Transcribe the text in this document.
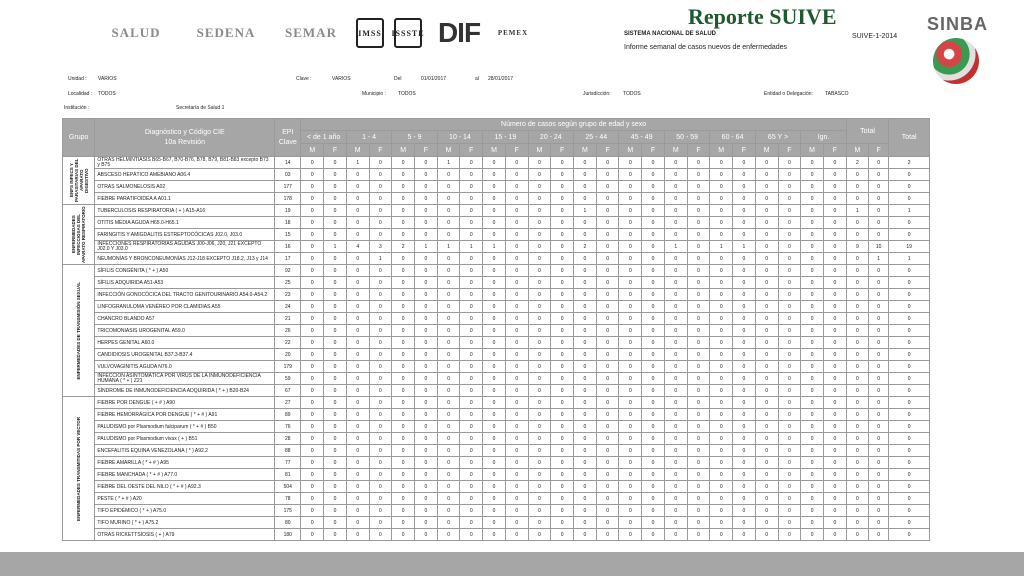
SALUD	SEDENA	SEMAR	IMSS ISSSTE DIF	PEMEX
Reporte SUIVE
SISTEMA NACIONAL DE SALUD
Informe semanal de casos nuevos de enfermedades
SUIVE-1-2014
SINBA
Unidad : VARIOS	Clave :	VARIOS	Del	01/01/2017	al 28/01/2017
Localidad : TODOS	Municipio : TODOS	Jurisdicción: TODOS	Entidad o Delegación: TABASCO
Institución :	Secretaría de Salud 1
Grupo	Diagnóstico y Código CIE
10a Revisión	EPI
Clave	Número de casos según grupo de edad y sexo																								Total		Total
			< de 1 año		1 - 4		5 - 9		10 - 14		15 - 19		20 - 24		25 - 44		45 - 49		50 - 59		60 - 64		65 Y >		Ign.				
			M	F	M	F	M	F	M	F	M	F	M	F	M	F	M	F	M	F	M	F	M	F	M	F	M	F	

ENFS INFECS Y PARASITARIAS DEL APARATO DIGESTIVO	OTRAS HELMINTIASIS B65-B67, B70-B76, B78, B79, B81-B83 excepto B73 y B75	14	0	0	1	0	0	0	1	0	0	0	0	0	0	0	0	0	0	0	0	0	0	0	0	0	2	0	2
	ABSCESO HEPÁTICO AMEBIANO A06.4	03	0	0	0	0	0	0	0	0	0	0	0	0	0	0	0	0	0	0	0	0	0	0	0	0	0	0	0
	OTRAS SALMONELOSIS A02	177	0	0	0	0	0	0	0	0	0	0	0	0	0	0	0	0	0	0	0	0	0	0	0	0	0	0	0
	FIEBRE PARATIFOIDEA A A01.1	178	0	0	0	0	0	0	0	0	0	0	0	0	0	0	0	0	0	0	0	0	0	0	0	0	0	0	0

ENFERMEDADES INFECCIOSAS DEL APARATO RESPIRATORIO	TUBERCULOSIS RESPIRATORIA ( + ) A15-A16	19	0	0	0	0	0	0	0	0	0	0	0	0	1	0	0	0	0	0	0	0	0	0	0	0	1	0	1
	OTITIS MEDIA AGUDA H65.0-H65.1	18	0	0	0	0	0	0	0	0	0	0	0	0	0	0	0	0	0	0	0	0	0	0	0	0	0	0	0
	FARINGITIS Y AMIGDALITIS ESTREPTOCÓCICAS J02.0, J03.0	15	0	0	0	0	0	0	0	0	0	0	0	0	0	0	0	0	0	0	0	0	0	0	0	0	0	0	0
	INFECCIONES RESPIRATORIAS AGUDAS J00-J06, J20, J21 EXCEPTO J02.0 Y J03.0	16	0	1	4	3	2	1	1	1	1	0	0	0	2	0	0	0	1	0	1	1	0	0	0	0	9	10	19
	NEUMONÍAS Y BRONCONEUMONÍAS J12-J18 EXCEPTO J18.2, J13 y J14	17	0	0	0	1	0	0	0	0	0	0	0	0	0	0	0	0	0	0	0	0	0	0	0	0	0	1	1

ENFERMEDADES DE TRANSMISIÓN SEXUAL	SÍFILIS CONGÉNITA ( * + ) A50	92	0	0	0	0	0	0	0	0	0	0	0	0	0	0	0	0	0	0	0	0	0	0	0	0	0	0	0
	SÍFILIS ADQUIRIDA A51-A53	25	0	0	0	0	0	0	0	0	0	0	0	0	0	0	0	0	0	0	0	0	0	0	0	0	0	0	0
	INFECCIÓN GONOCÓCICA DEL TRACTO GENITOURINARIO A54.0-A54.2	23	0	0	0	0	0	0	0	0	0	0	0	0	0	0	0	0	0	0	0	0	0	0	0	0	0	0	0
	LINFOGRANULOMA VENÉREO POR CLAMIDIAS A55	24	0	0	0	0	0	0	0	0	0	0	0	0	0	0	0	0	0	0	0	0	0	0	0	0	0	0	0
	CHANCRO BLANDO A57	21	0	0	0	0	0	0	0	0	0	0	0	0	0	0	0	0	0	0	0	0	0	0	0	0	0	0	0
	TRICOMONIASIS UROGENITAL A59.0	26	0	0	0	0	0	0	0	0	0	0	0	0	0	0	0	0	0	0	0	0	0	0	0	0	0	0	0
	HERPES GENITAL A60.0	22	0	0	0	0	0	0	0	0	0	0	0	0	0	0	0	0	0	0	0	0	0	0	0	0	0	0	0
	CANDIDIOSIS UROGENITAL B37.3-B37.4	20	0	0	0	0	0	0	0	0	0	0	0	0	0	0	0	0	0	0	0	0	0	0	0	0	0	0	0
	VULVOVAGINITIS AGUDA N76.0	179	0	0	0	0	0	0	0	0	0	0	0	0	0	0	0	0	0	0	0	0	0	0	0	0	0	0	0
	INFECCIÓN ASINTOMÁTICA POR VIRUS DE LA INMUNODEFICIENCIA HUMANA ( * + ) Z21	59	0	0	0	0	0	0	0	0	0	0	0	0	0	0	0	0	0	0	0	0	0	0	0	0	0	0	0
	SÍNDROME DE INMUNODEFICIENCIA ADQUIRIDA ( * + ) B20-B24	67	0	0	0	0	0	0	0	0	0	0	0	0	0	0	0	0	0	0	0	0	0	0	0	0	0	0	0

ENFERMEDADES TRANSMITIDAS POR VECTOR	FIEBRE POR DENGUE ( + # ) A90	27	0	0	0	0	0	0	0	0	0	0	0	0	0	0	0	0	0	0	0	0	0	0	0	0	0	0	0
	FIEBRE HEMORRÁGICA POR DENGUE ( * + # ) A91	89	0	0	0	0	0	0	0	0	0	0	0	0	0	0	0	0	0	0	0	0	0	0	0	0	0	0	0
	PALUDISMO por Plasmodium falciparum ( * + # ) B50	76	0	0	0	0	0	0	0	0	0	0	0	0	0	0	0	0	0	0	0	0	0	0	0	0	0	0	0
	PALUDISMO por Plasmodium vivax ( + ) B51	28	0	0	0	0	0	0	0	0	0	0	0	0	0	0	0	0	0	0	0	0	0	0	0	0	0	0	0
	ENCEFALITIS EQUINA VENEZOLANA ( * ) A92.2	88	0	0	0	0	0	0	0	0	0	0	0	0	0	0	0	0	0	0	0	0	0	0	0	0	0	0	0
	FIEBRE AMARILLA ( * + # ) A95	77	0	0	0	0	0	0	0	0	0	0	0	0	0	0	0	0	0	0	0	0	0	0	0	0	0	0	0
	FIEBRE MANCHADA ( * + # ) A77.0	81	0	0	0	0	0	0	0	0	0	0	0	0	0	0	0	0	0	0	0	0	0	0	0	0	0	0	0
	FIEBRE DEL OESTE DEL NILO ( * + # ) A92.3	504	0	0	0	0	0	0	0	0	0	0	0	0	0	0	0	0	0	0	0	0	0	0	0	0	0	0	0
	PESTE ( * + # ) A20	78	0	0	0	0	0	0	0	0	0	0	0	0	0	0	0	0	0	0	0	0	0	0	0	0	0	0	0
	TIFO EPIDÉMICO ( * + ) A75.0	175	0	0	0	0	0	0	0	0	0	0	0	0	0	0	0	0	0	0	0	0	0	0	0	0	0	0	0
	TIFO MURINO ( * + ) A75.2	80	0	0	0	0	0	0	0	0	0	0	0	0	0	0	0	0	0	0	0	0	0	0	0	0	0	0	0
	OTRAS RICKETTSIOSIS ( + ) A79	180	0	0	0	0	0	0	0	0	0	0	0	0	0	0	0	0	0	0	0	0	0	0	0	0	0	0	0
